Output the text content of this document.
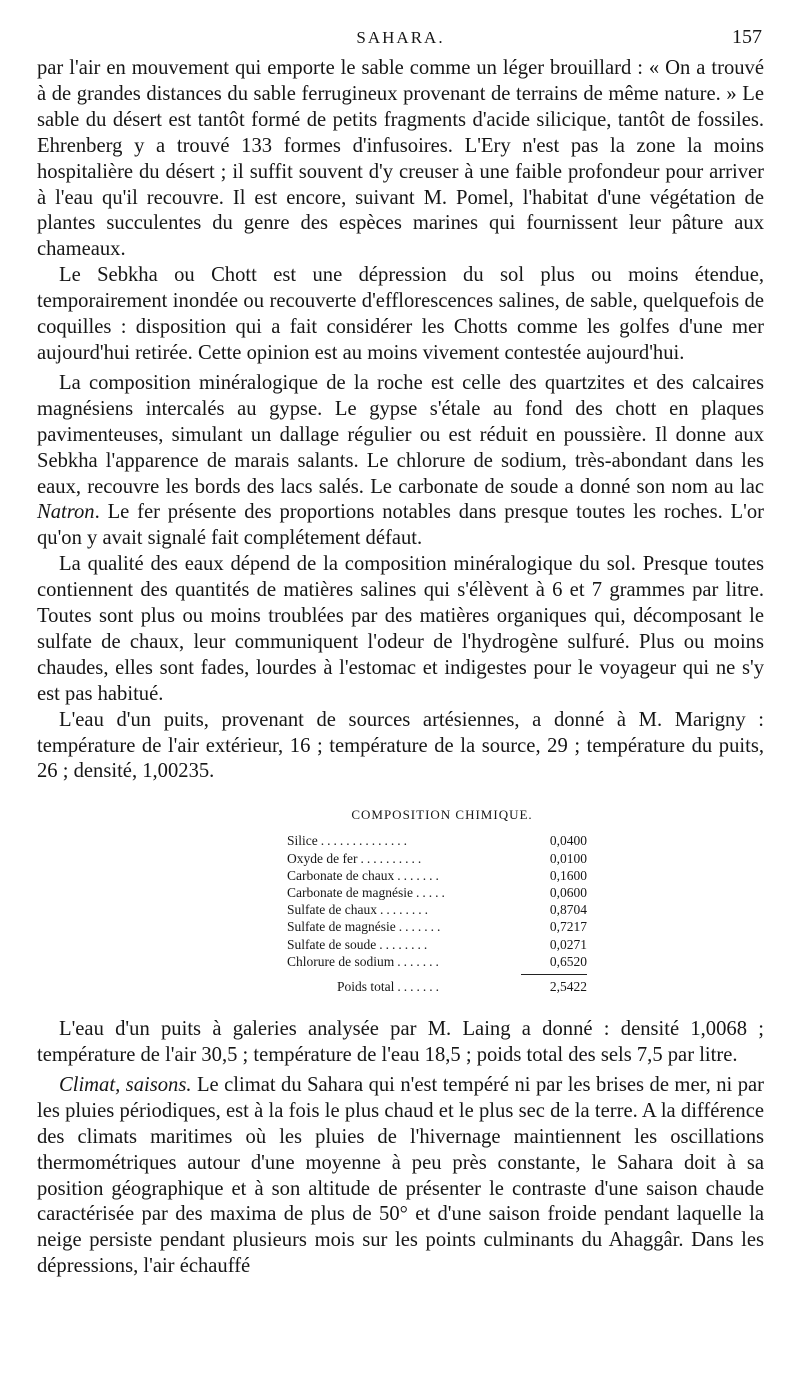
SAHARA.	157

par l'air en mouvement qui emporte le sable comme un léger brouillard : « On a trouvé à de grandes distances du sable ferrugineux provenant de terrains de même nature. » Le sable du désert est tantôt formé de petits fragments d'acide silicique, tantôt de fossiles. Ehrenberg y a trouvé 133 formes d'infusoires. L'Ery n'est pas la zone la moins hospitalière du désert ; il suffit souvent d'y creuser à une faible profondeur pour arriver à l'eau qu'il recouvre. Il est encore, suivant M. Pomel, l'habitat d'une végétation de plantes succulentes du genre des espèces marines qui fournissent leur pâture aux chameaux.

Le Sebkha ou Chott est une dépression du sol plus ou moins étendue, temporairement inondée ou recouverte d'efflorescences salines, de sable, quelquefois de coquilles : disposition qui a fait considérer les Chotts comme les golfes d'une mer aujourd'hui retirée. Cette opinion est au moins vivement contestée aujourd'hui.

La composition minéralogique de la roche est celle des quartzites et des calcaires magnésiens intercalés au gypse. Le gypse s'étale au fond des chott en plaques pavimenteuses, simulant un dallage régulier ou est réduit en poussière. Il donne aux Sebkha l'apparence de marais salants. Le chlorure de sodium, très-abondant dans les eaux, recouvre les bords des lacs salés. Le carbonate de soude a donné son nom au lac Natron. Le fer présente des proportions notables dans presque toutes les roches. L'or qu'on y avait signalé fait complétement défaut.

La qualité des eaux dépend de la composition minéralogique du sol. Presque toutes contiennent des quantités de matières salines qui s'élèvent à 6 et 7 grammes par litre. Toutes sont plus ou moins troublées par des matières organiques qui, décomposant le sulfate de chaux, leur communiquent l'odeur de l'hydrogène sulfuré. Plus ou moins chaudes, elles sont fades, lourdes à l'estomac et indigestes pour le voyageur qui ne s'y est pas habitué.

L'eau d'un puits, provenant de sources artésiennes, a donné à M. Marigny : température de l'air extérieur, 16 ; température de la source, 29 ; température du puits, 26 ; densité, 1,00235.

COMPOSITION CHIMIQUE.
Silice ..............	0,0400
Oxyde de fer ..........	0,0100
Carbonate de chaux .......	0,1600
Carbonate de magnésie .....	0,0600
Sulfate de chaux ........	0,8704
Sulfate de magnésie .......	0,7217
Sulfate de soude ........	0,0271
Chlorure de sodium .......	0,6520
Poids total .......	2,5422

L'eau d'un puits à galeries analysée par M. Laing a donné : densité 1,0068 ; température de l'air 30,5 ; température de l'eau 18,5 ; poids total des sels 7,5 par litre.

Climat, saisons. Le climat du Sahara qui n'est tempéré ni par les brises de mer, ni par les pluies périodiques, est à la fois le plus chaud et le plus sec de la terre. A la différence des climats maritimes où les pluies de l'hivernage maintiennent les oscillations thermométriques autour d'une moyenne à peu près constante, le Sahara doit à sa position géographique et à son altitude de présenter le contraste d'une saison chaude caractérisée par des maxima de plus de 50° et d'une saison froide pendant laquelle la neige persiste pendant plusieurs mois sur les points culminants du Ahaggâr. Dans les dépressions, l'air échauffé
